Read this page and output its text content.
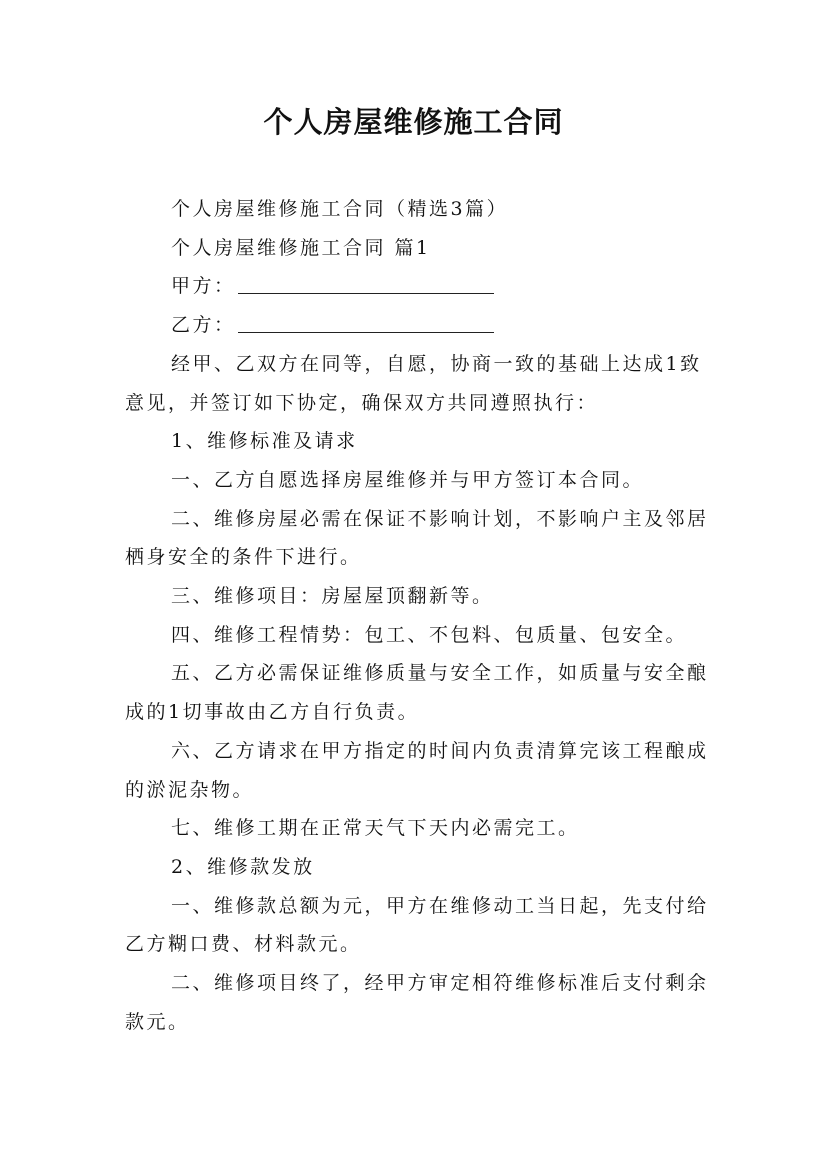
个人房屋维修施工合同

个人房屋维修施工合同（精选3篇）

个人房屋维修施工合同 篇1

甲方：

乙方：

经甲、乙双方在同等，自愿，协商一致的基础上达成1致意见，并签订如下协定，确保双方共同遵照执行：

1、维修标准及请求

一、乙方自愿选择房屋维修并与甲方签订本合同。

二、维修房屋必需在保证不影响计划，不影响户主及邻居栖身安全的条件下进行。

三、维修项目：房屋屋顶翻新等。

四、维修工程情势：包工、不包料、包质量、包安全。

五、乙方必需保证维修质量与安全工作，如质量与安全酿成的1切事故由乙方自行负责。

六、乙方请求在甲方指定的时间内负责清算完该工程酿成的淤泥杂物。

七、维修工期在正常天气下天内必需完工。

2、维修款发放

一、维修款总额为元，甲方在维修动工当日起，先支付给乙方糊口费、材料款元。

二、维修项目终了，经甲方审定相符维修标准后支付剩余款元。
